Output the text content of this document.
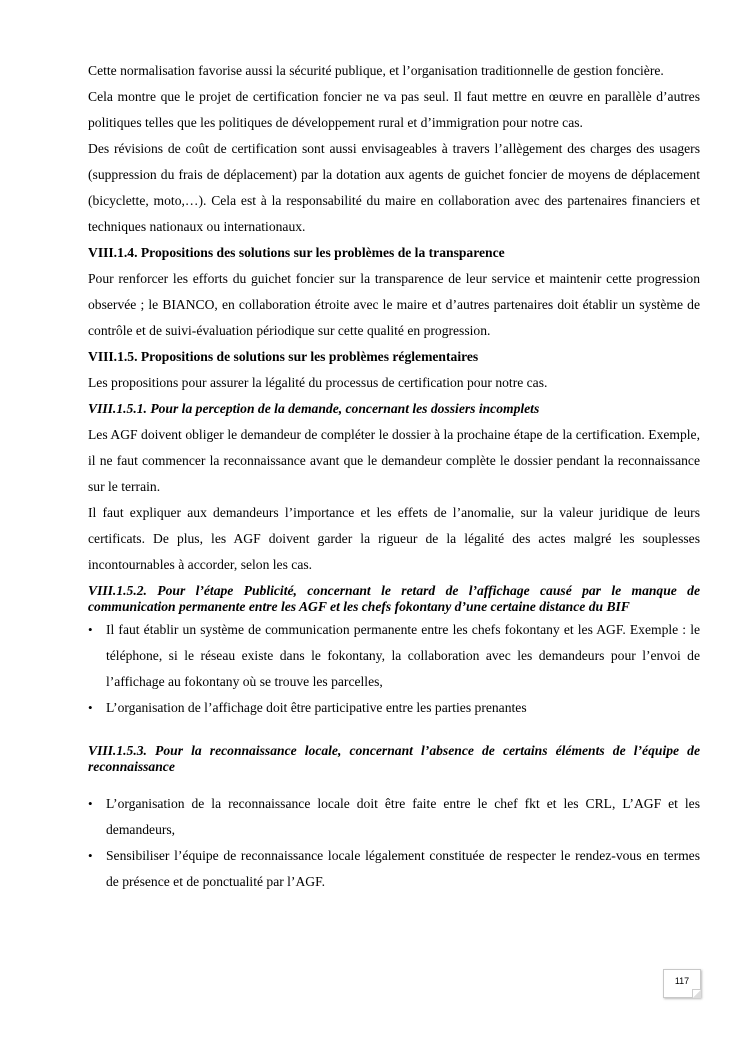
Cette normalisation favorise aussi la sécurité publique, et l’organisation traditionnelle de gestion foncière.

Cela montre que le projet de certification foncier ne va pas seul. Il faut mettre en œuvre en parallèle d’autres politiques telles que les politiques de développement rural et d’immigration pour notre cas.

Des révisions de coût de certification sont aussi envisageables à travers l’allègement des charges des usagers (suppression du frais de déplacement) par la dotation aux agents de guichet foncier de moyens de déplacement (bicyclette, moto,…). Cela est à la responsabilité du maire en collaboration avec des partenaires financiers et techniques nationaux ou internationaux.

VIII.1.4. Propositions des solutions sur les problèmes de la transparence

Pour renforcer les efforts du guichet foncier sur la transparence de leur service et maintenir cette progression observée ; le BIANCO, en collaboration étroite avec le maire et d’autres partenaires doit établir un système de contrôle et de suivi-évaluation périodique sur cette qualité en progression.

VIII.1.5. Propositions de solutions sur les problèmes réglementaires

Les propositions pour assurer la légalité du processus de certification pour notre cas.

VIII.1.5.1. Pour la perception de la demande, concernant les dossiers incomplets

Les AGF doivent obliger le demandeur de compléter le dossier à la prochaine étape de la certification. Exemple, il ne faut commencer la reconnaissance avant que le demandeur complète le dossier pendant la reconnaissance sur le terrain.

Il faut expliquer aux demandeurs l’importance et les effets de l’anomalie, sur la valeur juridique de leurs certificats. De plus, les AGF doivent garder la rigueur de la légalité des actes malgré les souplesses incontournables à accorder, selon les cas.

VIII.1.5.2. Pour l’étape Publicité, concernant le retard de l’affichage causé par le manque de communication permanente entre les AGF et les chefs fokontany d’une certaine distance du BIF

• Il faut établir un système de communication permanente entre les chefs fokontany et les AGF. Exemple : le téléphone, si le réseau existe dans le fokontany, la collaboration avec les demandeurs pour l’envoi de l’affichage au fokontany où se trouve les parcelles,
• L’organisation de l’affichage doit être participative entre les parties prenantes

VIII.1.5.3. Pour la reconnaissance locale, concernant l’absence de certains éléments de l’équipe de reconnaissance

• L’organisation de la reconnaissance locale doit être faite entre le chef fkt et les CRL, L’AGF et les demandeurs,
• Sensibiliser l’équipe de reconnaissance locale légalement constituée de respecter le rendez-vous en termes de présence et de ponctualité par l’AGF.
117
